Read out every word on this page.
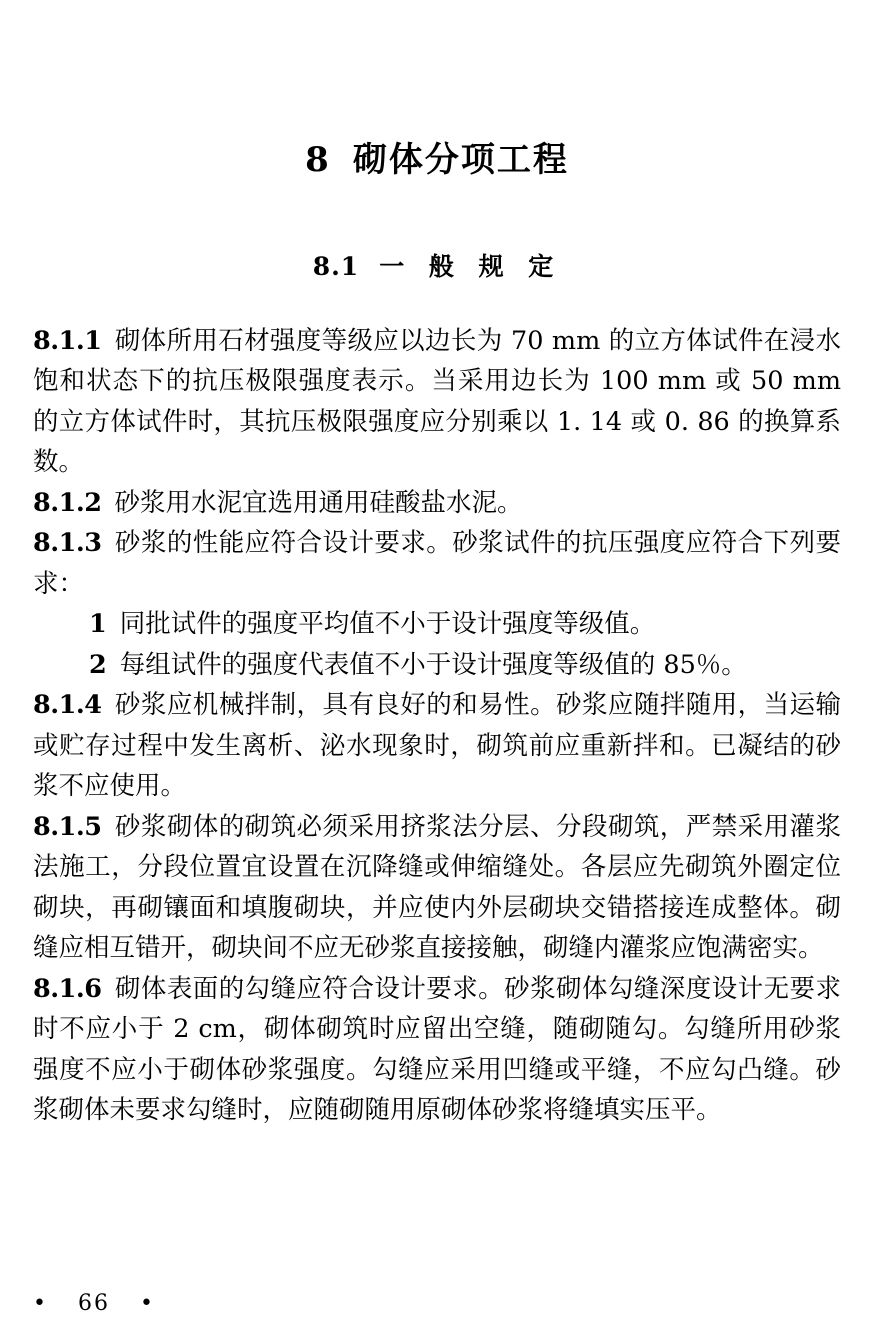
8 砌体分项工程
8.1 一 般 规 定

8.1.1 砌体所用石材强度等级应以边长为 70 mm 的立方体试件在浸水饱和状态下的抗压极限强度表示。当采用边长为 100 mm 或 50 mm 的立方体试件时，其抗压极限强度应分别乘以 1. 14 或 0. 86 的换算系数。

8.1.2 砂浆用水泥宜选用通用硅酸盐水泥。

8.1.3 砂浆的性能应符合设计要求。砂浆试件的抗压强度应符合下列要求：

1 同批试件的强度平均值不小于设计强度等级值。

2 每组试件的强度代表值不小于设计强度等级值的 85％。

8.1.4 砂浆应机械拌制，具有良好的和易性。砂浆应随拌随用，当运输或贮存过程中发生离析、泌水现象时，砌筑前应重新拌和。已凝结的砂浆不应使用。

8.1.5 砂浆砌体的砌筑必须采用挤浆法分层、分段砌筑，严禁采用灌浆法施工，分段位置宜设置在沉降缝或伸缩缝处。各层应先砌筑外圈定位砌块，再砌镶面和填腹砌块，并应使内外层砌块交错搭接连成整体。砌缝应相互错开，砌块间不应无砂浆直接接触，砌缝内灌浆应饱满密实。

8.1.6 砌体表面的勾缝应符合设计要求。砂浆砌体勾缝深度设计无要求时不应小于 2 cm，砌体砌筑时应留出空缝，随砌随勾。勾缝所用砂浆强度不应小于砌体砂浆强度。勾缝应采用凹缝或平缝，不应勾凸缝。砂浆砌体未要求勾缝时，应随砌随用原砌体砂浆将缝填实压平。

• 66 •
